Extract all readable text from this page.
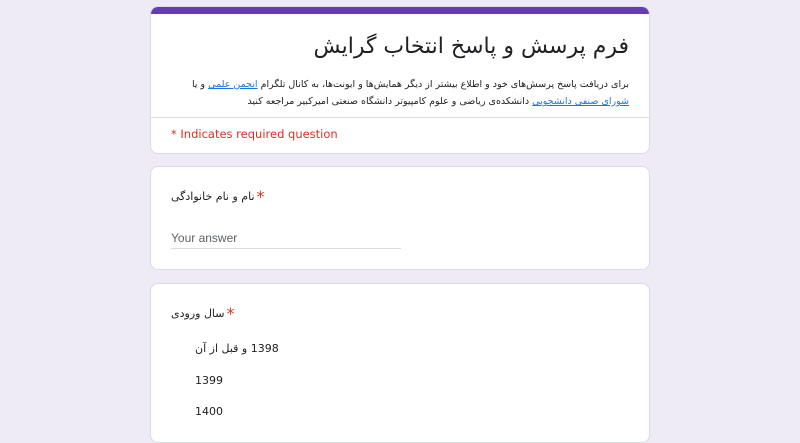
فرم پرسش و پاسخ انتخاب گرایش
برای دریافت پاسخ پرسش‌های خود و اطلاع بیشتر از دیگر همایش‌ها و ایونت‌ها، به کانال تلگرام انجمن علمی و یا شورای صنفی دانشجویی دانشکده‌ی ریاضی و علوم کامپیوتر دانشگاه صنعتی امیرکبیر مراجعه کنید
* Indicates required question
نام و نام خانوادگی *
Your answer
سال ورودی *
1398 و قبل از آن
1399
1400
